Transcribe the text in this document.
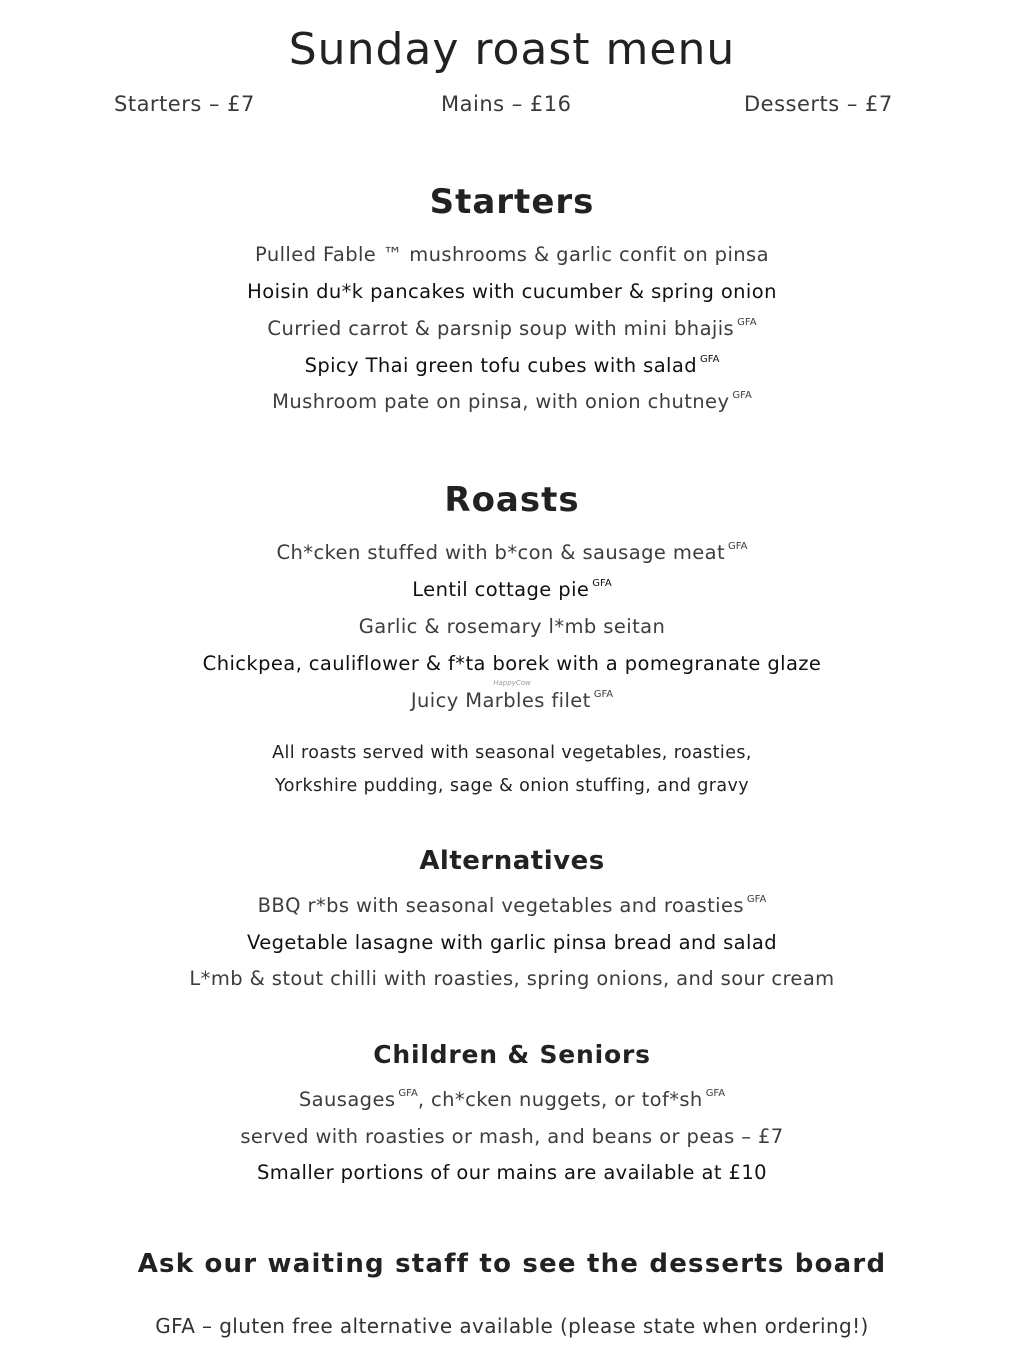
Sunday roast menu
Starters – £7	Mains – £16	Desserts – £7
Starters
Pulled Fable ™ mushrooms & garlic confit on pinsa
Hoisin du*k pancakes with cucumber & spring onion
Curried carrot & parsnip soup with mini bhajis $^{GFA}$
Spicy Thai green tofu cubes with salad $^{GFA}$
Mushroom pate on pinsa, with onion chutney $^{GFA}$
Roasts
Ch*cken stuffed with b*con & sausage meat $^{GFA}$
Lentil cottage pie $^{GFA}$
Garlic & rosemary l*mb seitan
Chickpea, cauliflower & f*ta borek with a pomegranate glaze
HappyCow
Juicy Marbles filet $^{GFA}$
All roasts served with seasonal vegetables, roasties,
Yorkshire pudding, sage & onion stuffing, and gravy
Alternatives
BBQ r*bs with seasonal vegetables and roasties $^{GFA}$
Vegetable lasagne with garlic pinsa bread and salad
L*mb & stout chilli with roasties, spring onions, and sour cream
Children & Seniors
Sausages $^{GFA}$, ch*cken nuggets, or tof*sh $^{GFA}$
served with roasties or mash, and beans or peas – £7
Smaller portions of our mains are available at £10
Ask our waiting staff to see the desserts board
GFA – gluten free alternative available (please state when ordering!)
